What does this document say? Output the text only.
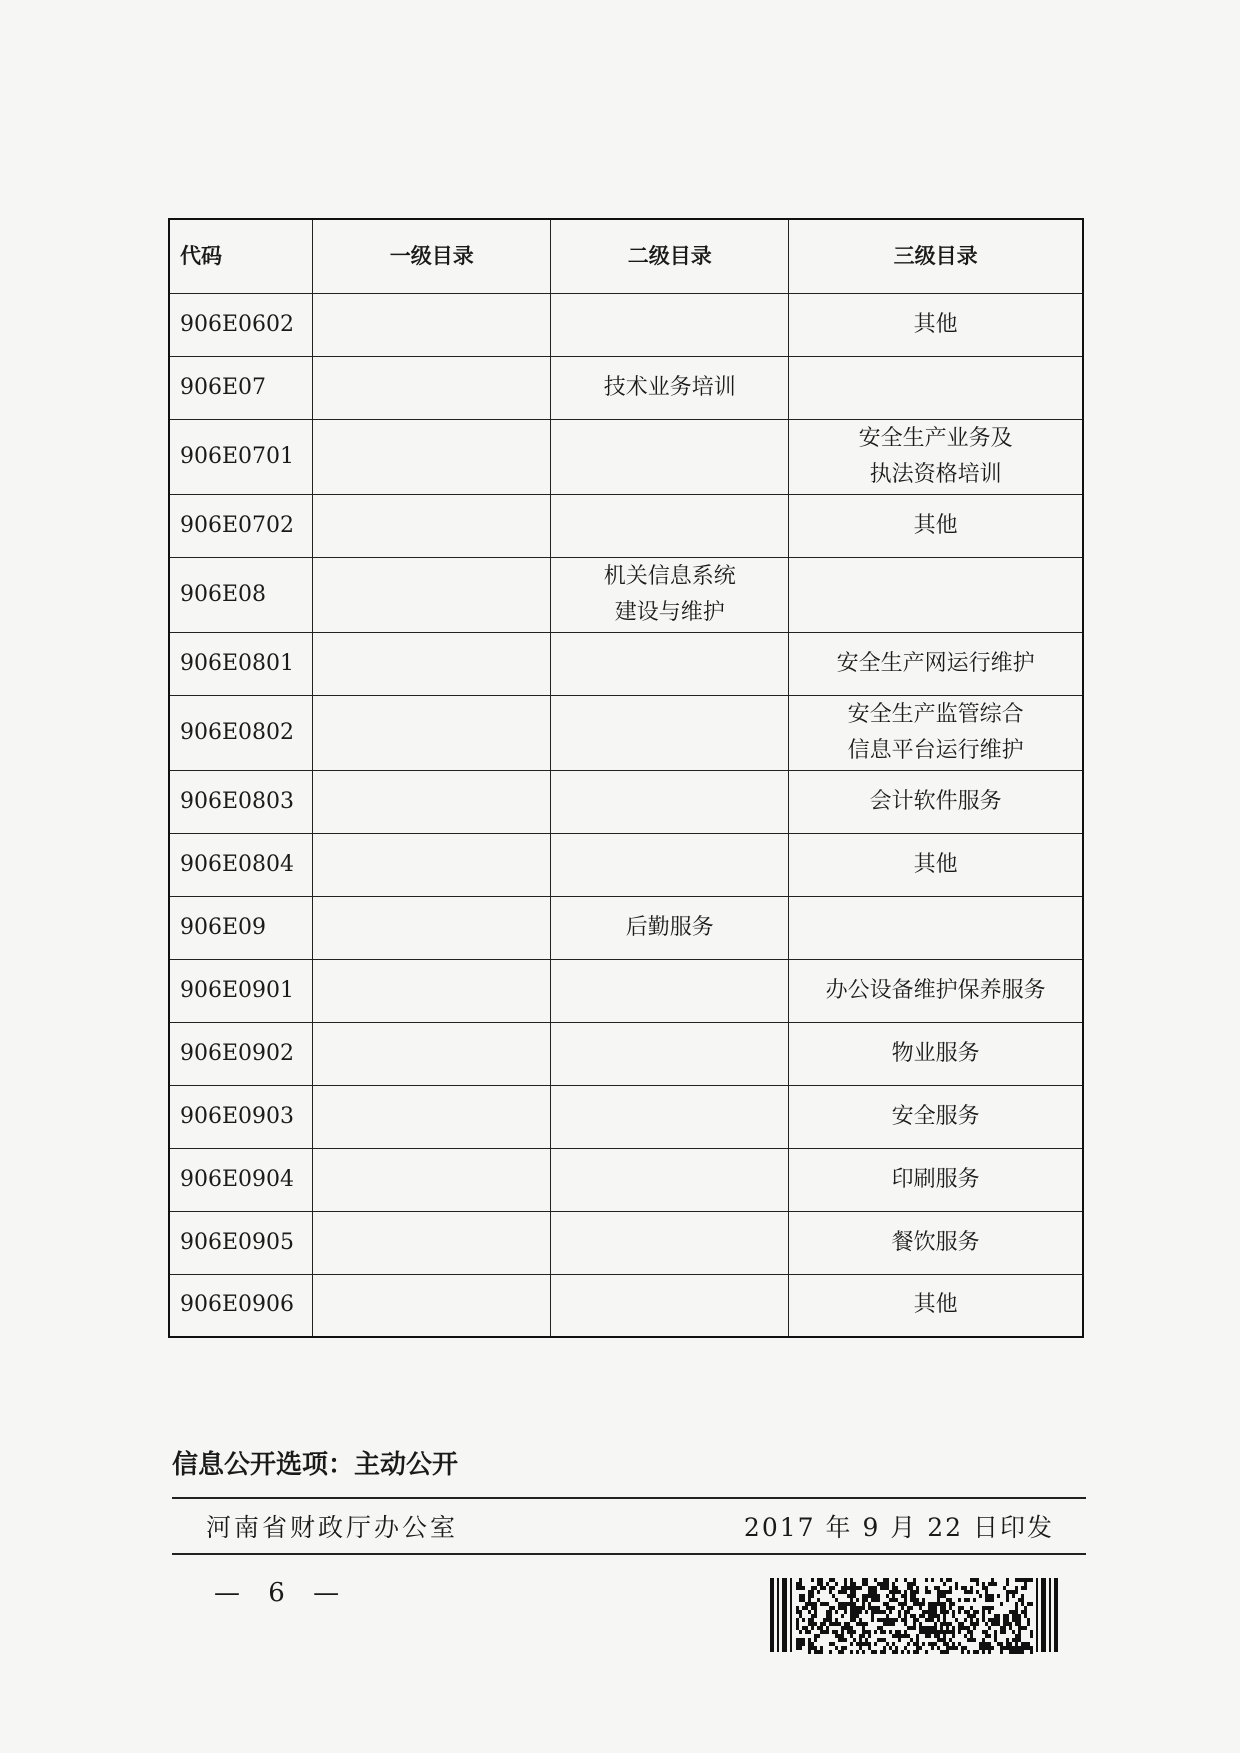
代码	一级目录	二级目录	三级目录
906E0602			其他
906E07		技术业务培训	
906E0701			安全生产业务及
执法资格培训

906E0702			其他
906E08		机关信息系统
建设与维护	

906E0801			安全生产网运行维护
906E0802			安全生产监管综合
信息平台运行维护

906E0803			会计软件服务
906E0804			其他
906E09		后勤服务	
906E0901			办公设备维护保养服务
906E0902			物业服务
906E0903			安全服务
906E0904			印刷服务
906E0905			餐饮服务
906E0906			其他
信息公开选项：主动公开
河南省财政厅办公室	2017 年 9 月 22 日印发
— 6 —
